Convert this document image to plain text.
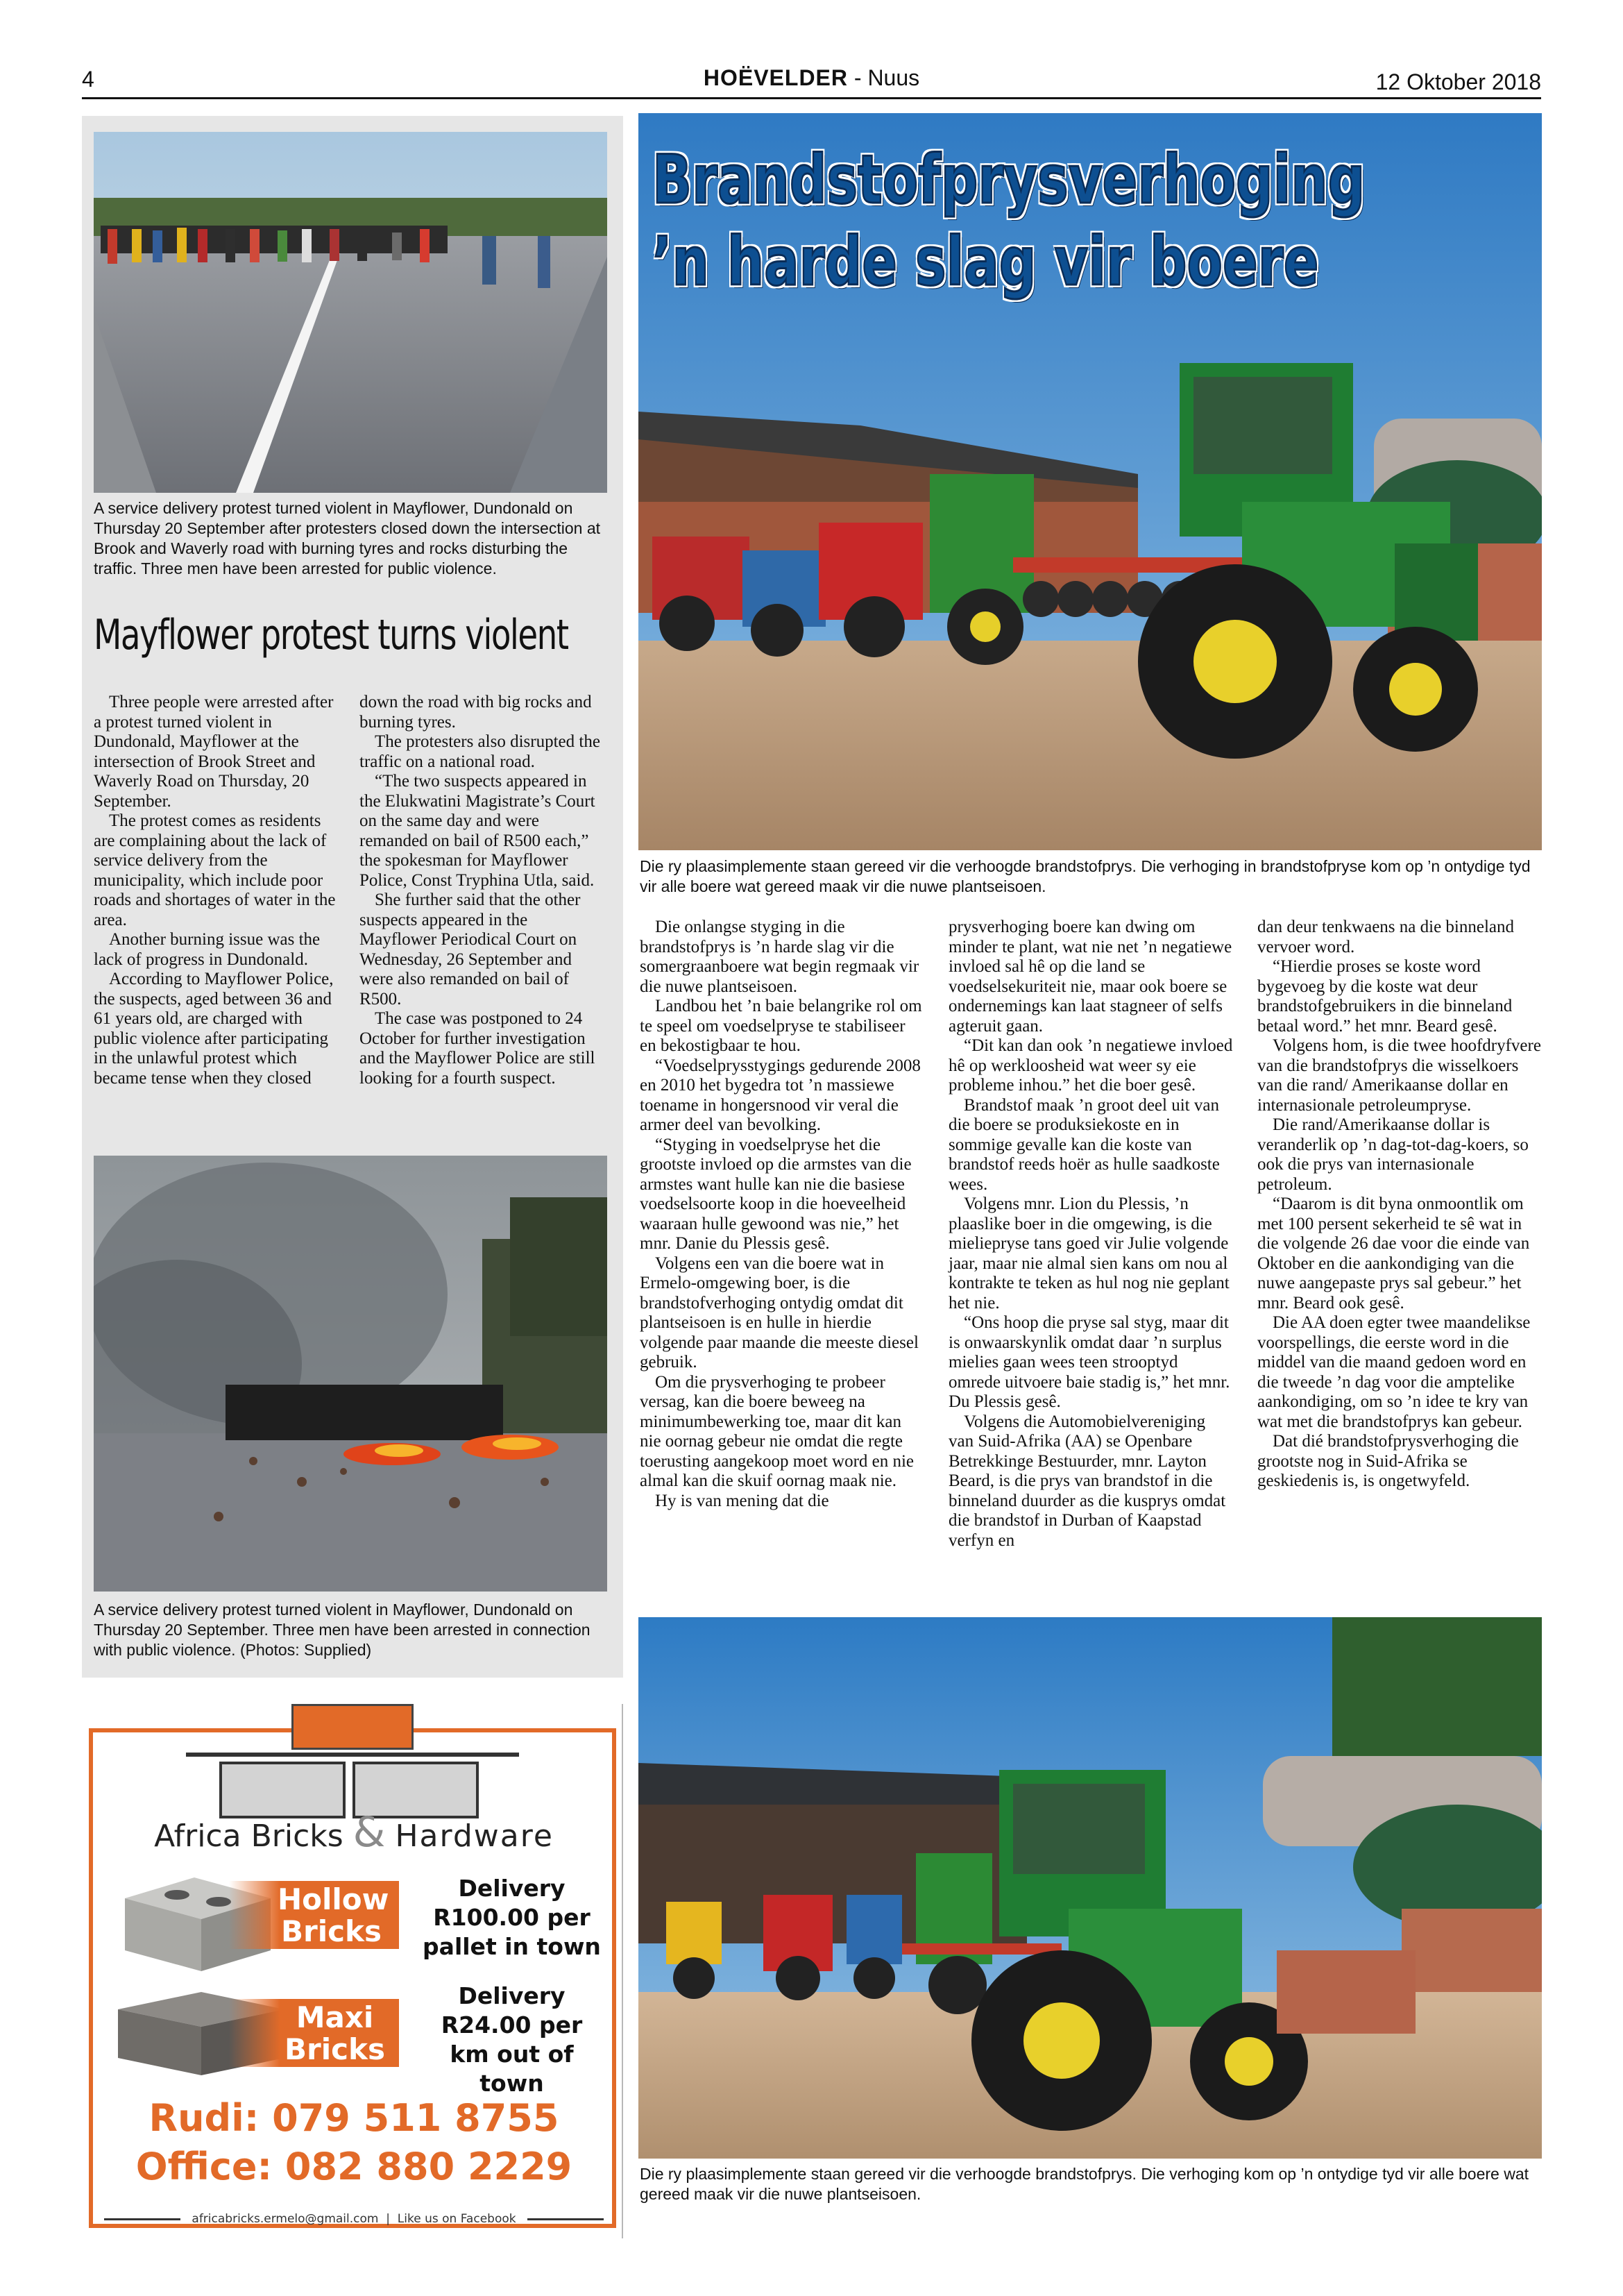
4	HOËVELDER - Nuus	12 Oktober 2018
A service delivery protest turned violent in Mayflower, Dundonald on Thursday 20 September after protesters closed down the intersection at Brook and Waverly road with burning tyres and rocks disturbing the traffic. Three men have been arrested for public violence.
Mayflower protest turns violent

Three people were arrested after a protest turned violent in Dundonald, Mayflower at the intersection of Brook Street and Waverly Road on Thursday, 20 September.

The protest comes as residents are complaining about the lack of service delivery from the municipality, which include poor roads and shortages of water in the area.

Another burning issue was the lack of progress in Dundonald.

According to Mayflower Police, the suspects, aged between 36 and 61 years old, are charged with public violence after participating in the unlawful protest which became tense when they closed

down the road with big rocks and burning tyres.

The protesters also disrupted the traffic on a national road.

“The two suspects appeared in the Elukwatini Magistrate’s Court on the same day and were remanded on bail of R500 each,” the spokesman for Mayflower Police, Const Tryphina Utla, said.

She further said that the other suspects appeared in the Mayflower Periodical Court on Wednesday, 26 September and were also remanded on bail of R500.

The case was postponed to 24 October for further investigation and the Mayflower Police are still looking for a fourth suspect.

A service delivery protest turned violent in Mayflower, Dundonald on Thursday 20 September. Three men have been arrested in connection with public violence. (Photos: Supplied)
Brandstofprysverhoging
’n harde slag vir boere
Die ry plaasimplemente staan gereed vir die verhoogde brandstofprys. Die verhoging in brandstofpryse kom op ’n ontydige tyd vir alle boere wat gereed maak vir die nuwe plantseisoen.

Die onlangse styging in die brandstofprys is ’n harde slag vir die somergraanboere wat begin regmaak vir die nuwe plantseisoen.

Landbou het ’n baie belangrike rol om te speel om voedselpryse te stabiliseer en bekostigbaar te hou.

“Voedselprysstygings gedurende 2008 en 2010 het bygedra tot ’n massiewe toename in hongersnood vir veral die armer deel van bevolking.

“Styging in voedselpryse het die grootste invloed op die armstes van die armstes want hulle kan nie die basiese voedselsoorte koop in die hoeveelheid waaraan hulle gewoond was nie,” het mnr. Danie du Plessis gesê.

Volgens een van die boere wat in Ermelo-omgewing boer, is die brandstofverhoging ontydig omdat dit plantseisoen is en hulle in hierdie volgende paar maande die meeste diesel gebruik.

Om die prysverhoging te probeer versag, kan die boere beweeg na minimumbewerking toe, maar dit kan nie oornag gebeur nie omdat die regte toerusting aangekoop moet word en nie almal kan die skuif oornag maak nie.

Hy is van mening dat die

prysverhoging boere kan dwing om minder te plant, wat nie net ’n negatiewe invloed sal hê op die land se voedselsekuriteit nie, maar ook boere se ondernemings kan laat stagneer of selfs agteruit gaan.

“Dit kan dan ook ’n negatiewe invloed hê op werkloosheid wat weer sy eie probleme inhou.” het die boer gesê.

Brandstof maak ’n groot deel uit van die boere se produksiekoste en in sommige gevalle kan die koste van brandstof reeds hoër as hulle saadkoste wees.

Volgens mnr. Lion du Plessis, ’n plaaslike boer in die omgewing, is die mieliepryse tans goed vir Julie volgende jaar, maar nie almal sien kans om nou al kontrakte te teken as hul nog nie geplant het nie.

“Ons hoop die pryse sal styg, maar dit is onwaarskynlik omdat daar ’n surplus mielies gaan wees teen strooptyd omrede uitvoere baie stadig is,” het mnr. Du Plessis gesê.

Volgens die Automobielvereniging van Suid-Afrika (AA) se Openbare Betrekkinge Bestuurder, mnr. Layton Beard, is die prys van brandstof in die binneland duurder as die kusprys omdat die brandstof in Durban of Kaapstad verfyn en

dan deur tenkwaens na die binneland vervoer word.

“Hierdie proses se koste word bygevoeg by die koste wat deur brandstofgebruikers in die binneland betaal word.” het mnr. Beard gesê.

Volgens hom, is die twee hoofdryfvere van die brandstofprys die wisselkoers van die rand/ Amerikaanse dollar en internasionale petroleumpryse.

Die rand/Amerikaanse dollar is veranderlik op ’n dag-tot-dag-koers, so ook die prys van internasionale petroleum.

“Daarom is dit byna onmoontlik om met 100 persent sekerheid te sê wat in die volgende 26 dae voor die einde van Oktober en die aankondiging van die nuwe aangepaste prys sal gebeur.” het mnr. Beard ook gesê.

Die AA doen egter twee maandelikse voorspellings, die eerste word in die middel van die maand gedoen word en die tweede ’n dag voor die amptelike aankondiging, om so ’n idee te kry van wat met die brandstofprys kan gebeur.

Dat dié brandstofprysverhoging die grootste nog in Suid-Afrika se geskiedenis is, is ongetwyfeld.

Die ry plaasimplemente staan gereed vir die verhoogde brandstofprys. Die verhoging kom op ’n ontydige tyd vir alle boere wat gereed maak vir die nuwe plantseisoen.
Africa Bricks & Hardware
Hollow Bricks
Delivery R100.00 per pallet in town
Maxi Bricks
Delivery R24.00 per km out of town
Rudi: 079 511 8755
Office: 082 880 2229
africabricks.ermelo@gmail.com  |  Like us on Facebook
